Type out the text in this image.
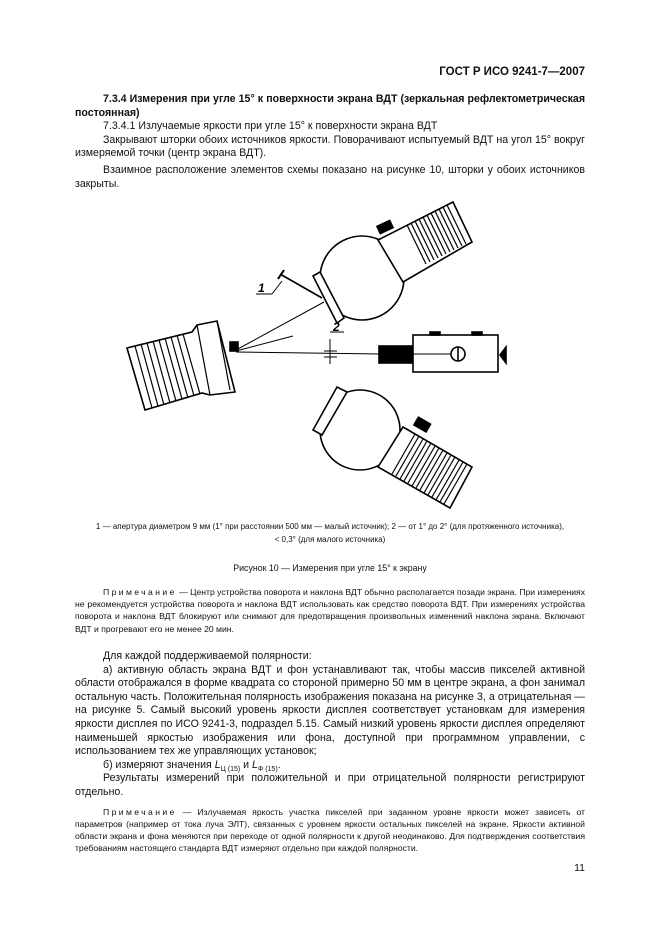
ГОСТ Р ИСО 9241-7—2007

7.3.4 Измерения при угле 15° к поверхности экрана ВДТ (зеркальная рефлектометрическая постоянная)

7.3.4.1 Излучаемые яркости при угле 15° к поверхности экрана ВДТ

Закрывают шторки обоих источников яркости. Поворачивают испытуемый ВДТ на угол 15° вокруг измеряемой точки (центр экрана ВДТ).

Взаимное расположение элементов схемы показано на рисунке 10, шторки у обоих источников закрыты.

1
2
1 — апертура диаметром 9 мм (1° при расстоянии 500 мм — малый источник); 2 — от 1° до 2° (для протяженного источника),
< 0,3° (для малого источника)
Рисунок 10 — Измерения при угле 15° к экрану

Примечание — Центр устройства поворота и наклона ВДТ обычно располагается позади экрана. При измерениях не рекомендуется устройства поворота и наклона ВДТ использовать как средство поворота ВДТ. При измерениях устройства поворота и наклона ВДТ блокируют или снимают для предотвращения произвольных изменений наклона экрана. Включают ВДТ и прогревают его не менее 20 мин.

Для каждой поддерживаемой полярности:

а) активную область экрана ВДТ и фон устанавливают так, чтобы массив пикселей активной области отображался в форме квадрата со стороной примерно 50 мм в центре экрана, а фон занимал остальную часть. Положительная полярность изображения показана на рисунке 3, а отрицательная — на рисунке 5. Самый высокий уровень яркости дисплея соответствует установкам для измерения яркости дисплея по ИСО 9241-3, подраздел 5.15. Самый низкий уровень яркости дисплея определяют наименьшей яркостью изображения или фона, доступной при программном управлении, с использованием тех же управляющих установок;

б) измеряют значения $L_{Ц (15)}$ и $L_{Ф (15)}$.

Результаты измерений при положительной и при отрицательной полярности регистрируют отдельно.

Примечание — Излучаемая яркость участка пикселей при заданном уровне яркости может зависеть от параметров (например от тока луча ЭЛТ), связанных с уровнем яркости остальных пикселей на экране. Яркости активной области экрана и фона меняются при переходе от одной полярности к другой неодинаково. Для подтверждения соответствия требованиям настоящего стандарта ВДТ измеряют отдельно при каждой полярности.

11
